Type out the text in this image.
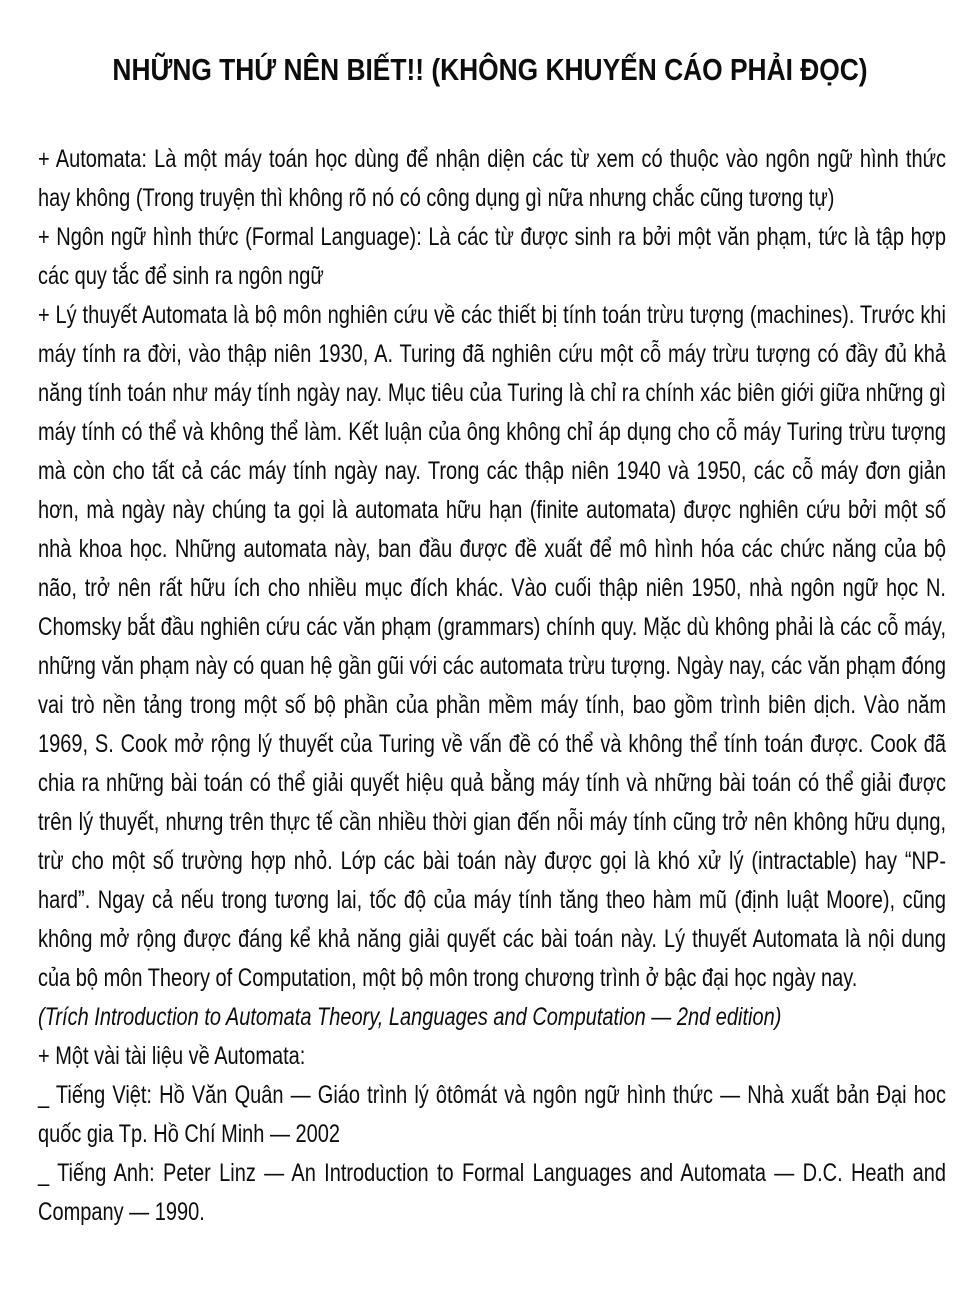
NHỮNG THỨ NÊN BIẾT!! (KHÔNG KHUYẾN CÁO PHẢI ĐỌC)

+ Automata: Là một máy toán học dùng để nhận diện các từ xem có thuộc vào ngôn ngữ hình thức hay không (Trong truyện thì không rõ nó có công dụng gì nữa nhưng chắc cũng tương tự)

+ Ngôn ngữ hình thức (Formal Language): Là các từ được sinh ra bởi một văn phạm, tức là tập hợp các quy tắc để sinh ra ngôn ngữ

+ Lý thuyết Automata là bộ môn nghiên cứu về các thiết bị tính toán trừu tượng (machines). Trước khi máy tính ra đời, vào thập niên 1930, A. Turing đã nghiên cứu một cỗ máy trừu tượng có đầy đủ khả năng tính toán như máy tính ngày nay. Mục tiêu của Turing là chỉ ra chính xác biên giới giữa những gì máy tính có thể và không thể làm. Kết luận của ông không chỉ áp dụng cho cỗ máy Turing trừu tượng mà còn cho tất cả các máy tính ngày nay. Trong các thập niên 1940 và 1950, các cỗ máy đơn giản hơn, mà ngày này chúng ta gọi là automata hữu hạn (finite automata) được nghiên cứu bởi một số nhà khoa học. Những automata này, ban đầu được đề xuất để mô hình hóa các chức năng của bộ não, trở nên rất hữu ích cho nhiều mục đích khác. Vào cuối thập niên 1950, nhà ngôn ngữ học N. Chomsky bắt đầu nghiên cứu các văn phạm (grammars) chính quy. Mặc dù không phải là các cỗ máy, những văn phạm này có quan hệ gần gũi với các automata trừu tượng. Ngày nay, các văn phạm đóng vai trò nền tảng trong một số bộ phần của phần mềm máy tính, bao gồm trình biên dịch. Vào năm 1969, S. Cook mở rộng lý thuyết của Turing về vấn đề có thể và không thể tính toán được. Cook đã chia ra những bài toán có thể giải quyết hiệu quả bằng máy tính và những bài toán có thể giải được trên lý thuyết, nhưng trên thực tế cần nhiều thời gian đến nỗi máy tính cũng trở nên không hữu dụng, trừ cho một số trường hợp nhỏ. Lớp các bài toán này được gọi là khó xử lý (intractable) hay “NP-hard”. Ngay cả nếu trong tương lai, tốc độ của máy tính tăng theo hàm mũ (định luật Moore), cũng không mở rộng được đáng kể khả năng giải quyết các bài toán này. Lý thuyết Automata là nội dung của bộ môn Theory of Computation, một bộ môn trong chương trình ở bậc đại học ngày nay.

(Trích Introduction to Automata Theory, Languages and Computation — 2nd edition)

+ Một vài tài liệu về Automata:

_ Tiếng Việt: Hồ Văn Quân — Giáo trình lý ôtômát và ngôn ngữ hình thức — Nhà xuất bản Đại hoc quốc gia Tp. Hồ Chí Minh — 2002

_ Tiếng Anh: Peter Linz — An Introduction to Formal Languages and Automata — D.C. Heath and Company — 1990.
